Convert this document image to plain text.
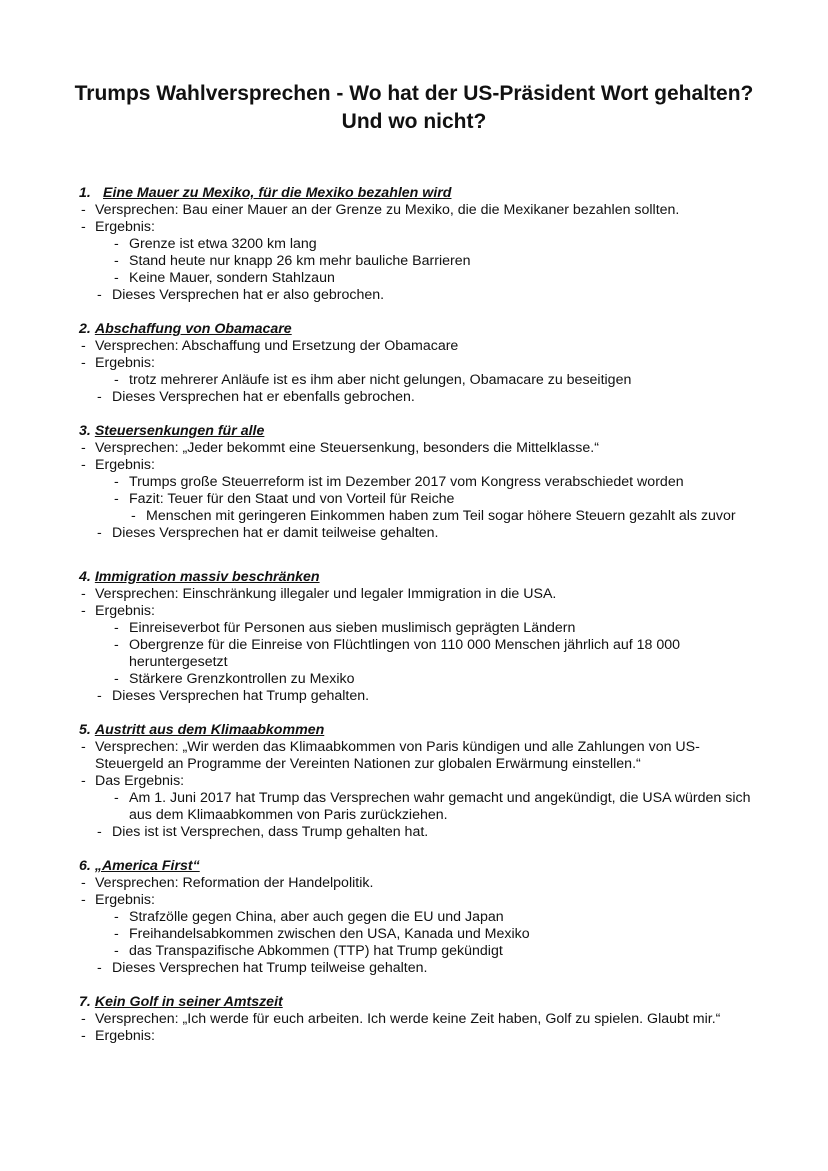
Trumps Wahlversprechen - Wo hat der US-Präsident Wort gehalten? Und wo nicht?
1. Eine Mauer zu Mexiko, für die Mexiko bezahlen wird
- Versprechen: Bau einer Mauer an der Grenze zu Mexiko, die die Mexikaner bezahlen sollten.
- Ergebnis:
- Grenze ist etwa 3200 km lang
- Stand heute nur knapp 26 km mehr bauliche Barrieren
- Keine Mauer, sondern Stahlzaun
- Dieses Versprechen hat er also gebrochen.
2. Abschaffung von Obamacare
- Versprechen: Abschaffung und Ersetzung der Obamacare
- Ergebnis:
- trotz mehrerer Anläufe ist es ihm aber nicht gelungen, Obamacare zu beseitigen
- Dieses Versprechen hat er ebenfalls gebrochen.
3. Steuersenkungen für alle
- Versprechen: „Jeder bekommt eine Steuersenkung, besonders die Mittelklasse.“
- Ergebnis:
- Trumps große Steuerreform ist im Dezember 2017 vom Kongress verabschiedet worden
- Fazit: Teuer für den Staat und von Vorteil für Reiche
- Menschen mit geringeren Einkommen haben zum Teil sogar höhere Steuern gezahlt als zuvor
- Dieses Versprechen hat er damit teilweise gehalten.
4. Immigration massiv beschränken
- Versprechen: Einschränkung illegaler und legaler Immigration in die USA.
- Ergebnis:
- Einreiseverbot für Personen aus sieben muslimisch geprägten Ländern
- Obergrenze für die Einreise von Flüchtlingen von 110 000 Menschen jährlich auf 18 000 heruntergesetzt
- Stärkere Grenzkontrollen zu Mexiko
- Dieses Versprechen hat Trump gehalten.
5. Austritt aus dem Klimaabkommen
- Versprechen: „Wir werden das Klimaabkommen von Paris kündigen und alle Zahlungen von US-Steuergeld an Programme der Vereinten Nationen zur globalen Erwärmung einstellen.“
- Das Ergebnis:
- Am 1. Juni 2017 hat Trump das Versprechen wahr gemacht und angekündigt, die USA würden sich aus dem Klimaabkommen von Paris zurückziehen.
- Dies ist ist Versprechen, dass Trump gehalten hat.
6. „America First“
- Versprechen: Reformation der Handelpolitik.
- Ergebnis:
- Strafzölle gegen China, aber auch gegen die EU und Japan
- Freihandelsabkommen zwischen den USA, Kanada und Mexiko
- das Transpazifische Abkommen (TTP) hat Trump gekündigt
- Dieses Versprechen hat Trump teilweise gehalten.
7. Kein Golf in seiner Amtszeit
- Versprechen: „Ich werde für euch arbeiten. Ich werde keine Zeit haben, Golf zu spielen. Glaubt mir.“
- Ergebnis:
